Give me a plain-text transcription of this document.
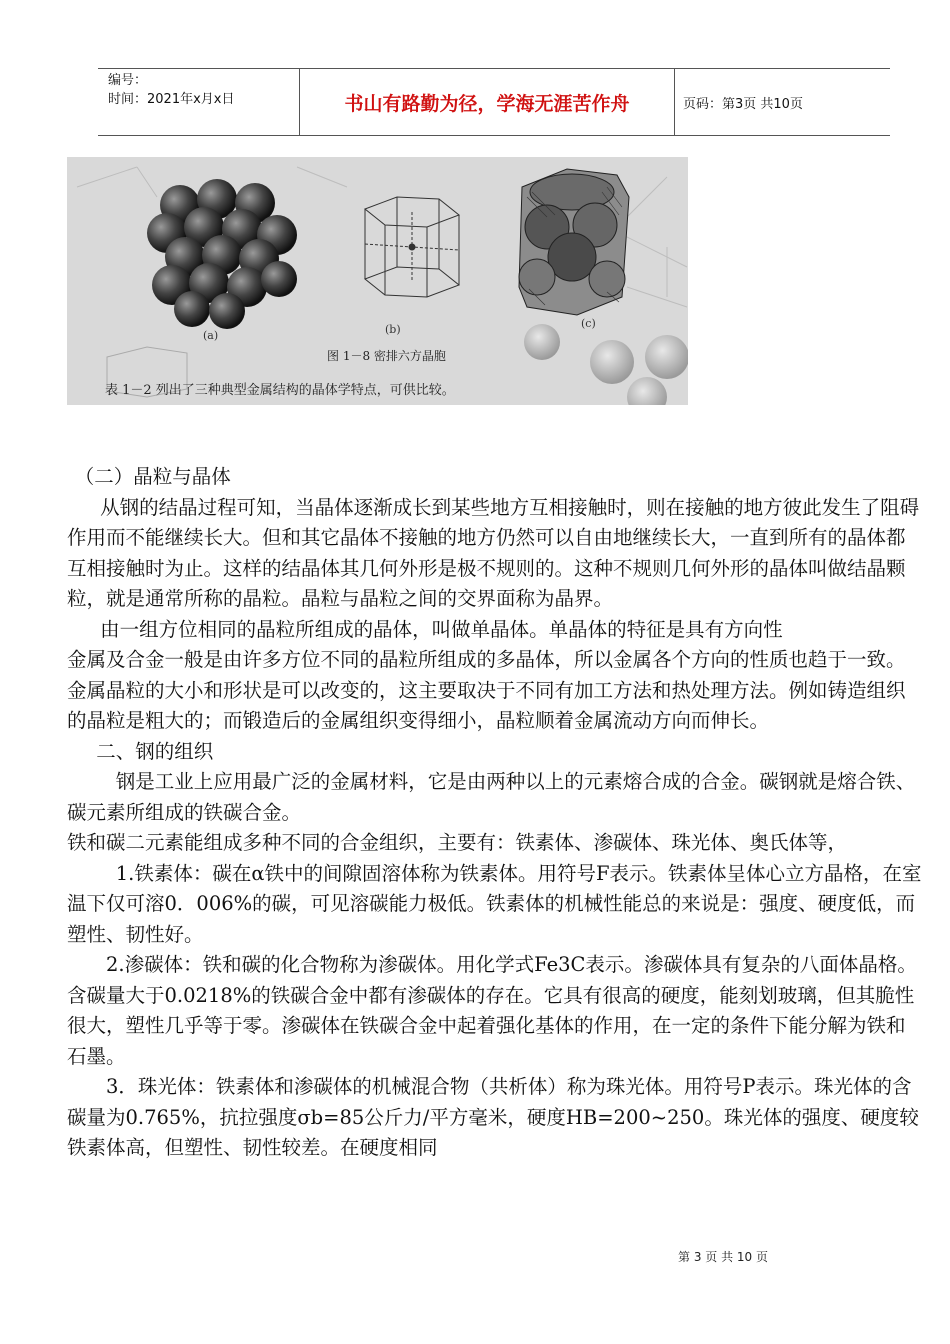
编号：
时间：2021年x月x日	书山有路勤为径，学海无涯苦作舟	页码：第3页 共10页
(a)	(b)	(c)
图 1－8 密排六方晶胞
表 1－2 列出了三种典型金属结构的晶体学特点，可供比较。

（二）晶粒与晶体

从钢的结晶过程可知，当晶体逐渐成长到某些地方互相接触时，则在接触的地方彼此发生了阻碍作用而不能继续长大。但和其它晶体不接触的地方仍然可以自由地继续长大，一直到所有的晶体都互相接触时为止。这样的结晶体其几何外形是极不规则的。这种不规则几何外形的晶体叫做结晶颗粒，就是通常所称的晶粒。晶粒与晶粒之间的交界面称为晶界。

由一组方位相同的晶粒所组成的晶体，叫做单晶体。单晶体的特征是具有方向性

金属及合金一般是由许多方位不同的晶粒所组成的多晶体，所以金属各个方向的性质也趋于一致。

金属晶粒的大小和形状是可以改变的，这主要取决于不同有加工方法和热处理方法。例如铸造组织的晶粒是粗大的；而锻造后的金属组织变得细小，晶粒顺着金属流动方向而伸长。

二、钢的组织

钢是工业上应用最广泛的金属材料，它是由两种以上的元素熔合成的合金。碳钢就是熔合铁、碳元素所组成的铁碳合金。

铁和碳二元素能组成多种不同的合金组织，主要有：铁素体、渗碳体、珠光体、奥氏体等，

1.铁素体：碳在α铁中的间隙固溶体称为铁素体。用符号F表示。铁素体呈体心立方晶格，在室温下仅可溶0．006%的碳，可见溶碳能力极低。铁素体的机械性能总的来说是：强度、硬度低，而塑性、韧性好。

2.渗碳体：铁和碳的化合物称为渗碳体。用化学式Fe3C表示。渗碳体具有复杂的八面体晶格。含碳量大于0.0218%的铁碳合金中都有渗碳体的存在。它具有很高的硬度，能刻划玻璃，但其脆性很大，塑性几乎等于零。渗碳体在铁碳合金中起着强化基体的作用，在一定的条件下能分解为铁和石墨。

3．珠光体：铁素体和渗碳体的机械混合物（共析体）称为珠光体。用符号P表示。珠光体的含碳量为0.765%，抗拉强度σb=85公斤力/平方毫米，硬度HB=200~250。珠光体的强度、硬度较铁素体高，但塑性、韧性较差。在硬度相同

第 3 页 共 10 页
